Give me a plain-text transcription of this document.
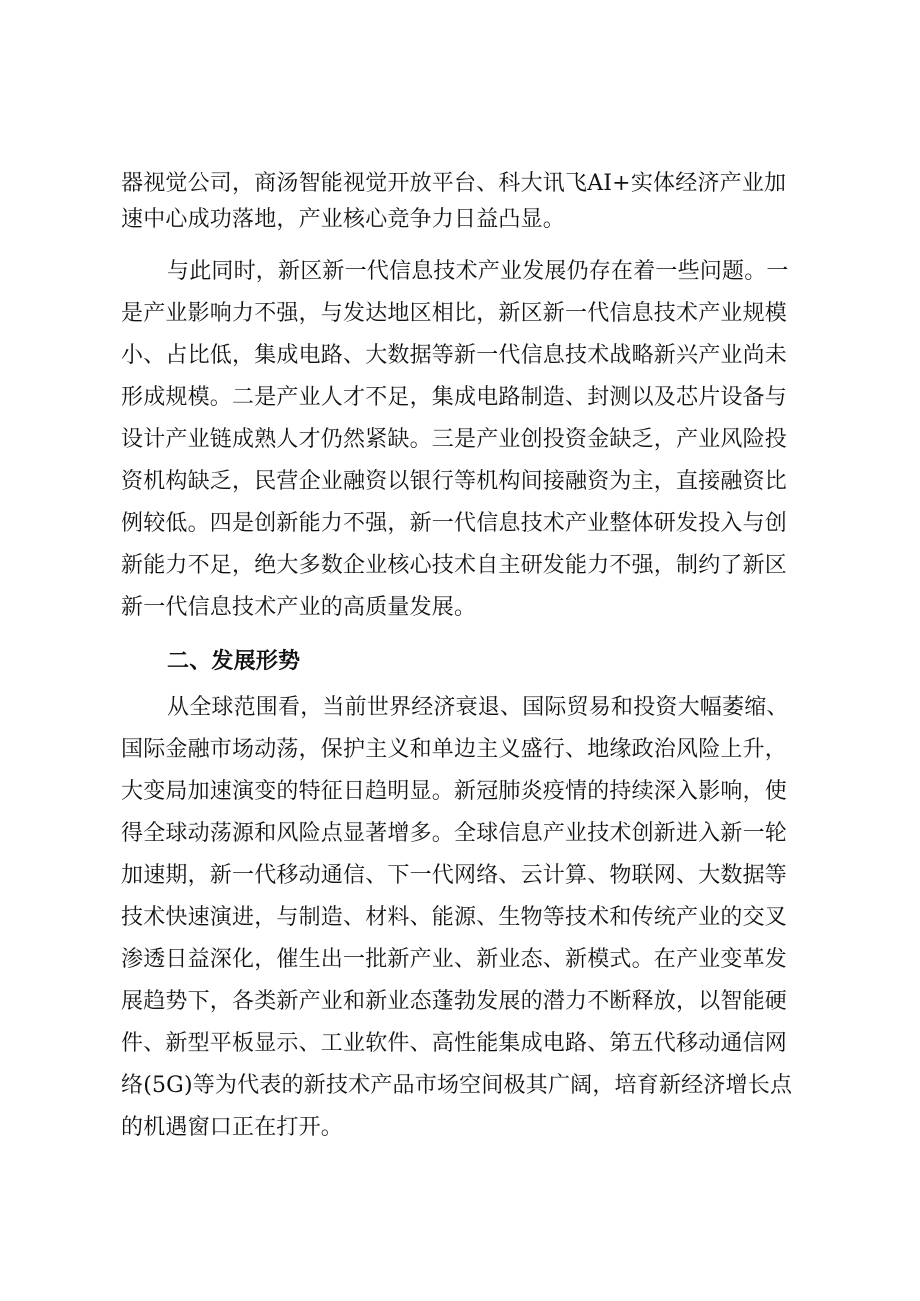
器视觉公司，商汤智能视觉开放平台、科大讯飞AI+实体经济产业加
速中心成功落地，产业核心竞争力日益凸显。
与此同时，新区新一代信息技术产业发展仍存在着一些问题。一
是产业影响力不强，与发达地区相比，新区新一代信息技术产业规模
小、占比低，集成电路、大数据等新一代信息技术战略新兴产业尚未
形成规模。二是产业人才不足，集成电路制造、封测以及芯片设备与
设计产业链成熟人才仍然紧缺。三是产业创投资金缺乏，产业风险投
资机构缺乏，民营企业融资以银行等机构间接融资为主，直接融资比
例较低。四是创新能力不强，新一代信息技术产业整体研发投入与创
新能力不足，绝大多数企业核心技术自主研发能力不强，制约了新区
新一代信息技术产业的高质量发展。
二、发展形势
从全球范围看，当前世界经济衰退、国际贸易和投资大幅萎缩、
国际金融市场动荡，保护主义和单边主义盛行、地缘政治风险上升，
大变局加速演变的特征日趋明显。新冠肺炎疫情的持续深入影响，使
得全球动荡源和风险点显著增多。全球信息产业技术创新进入新一轮
加速期，新一代移动通信、下一代网络、云计算、物联网、大数据等
技术快速演进，与制造、材料、能源、生物等技术和传统产业的交叉
渗透日益深化，催生出一批新产业、新业态、新模式。在产业变革发
展趋势下，各类新产业和新业态蓬勃发展的潜力不断释放，以智能硬
件、新型平板显示、工业软件、高性能集成电路、第五代移动通信网
络(5G)等为代表的新技术产品市场空间极其广阔，培育新经济增长点
的机遇窗口正在打开。
